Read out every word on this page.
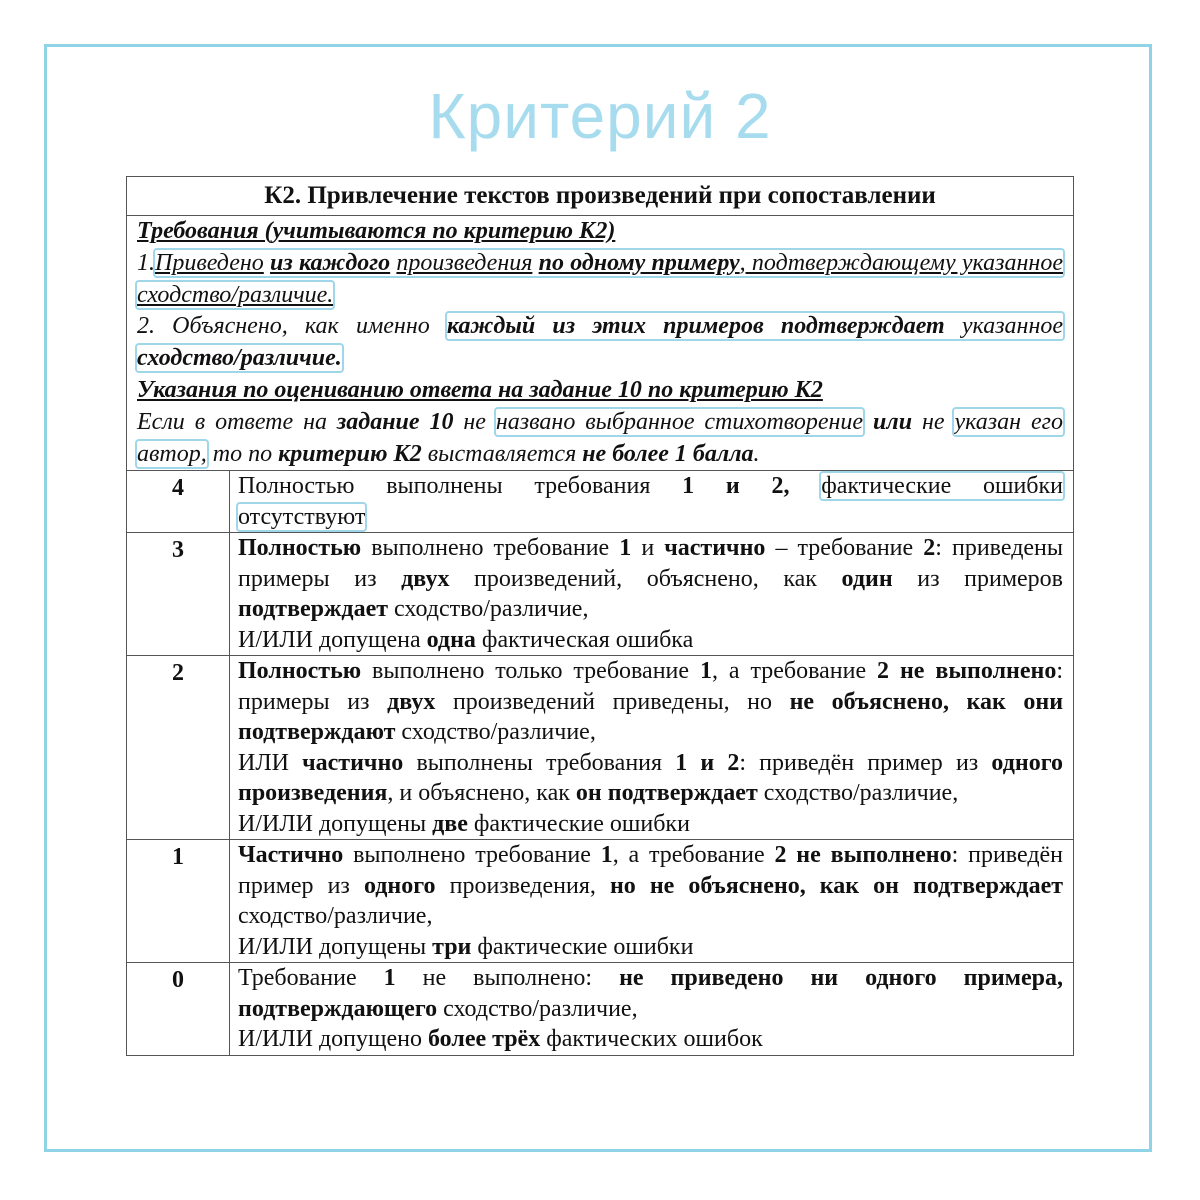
Критерий 2
К2. Привлечение текстов произведений при сопоставлении	

Требования (учитываются по критерию К2)

1.Приведено из каждого произведения по одному примеру, подтверждающему указанное сходство/различие.

2. Объяснено, как именно каждый из этих примеров подтверждает указанное сходство/различие.

Указания по оцениванию ответа на задание 10 по критерию К2

Если в ответе на задание 10 не названо выбранное стихотворение или не указан его автор, то по критерию К2 выставляется не более 1 балла.	

4	Полностью выполнены требования 1 и 2, фактические ошибки

отсутствуют

3	Полностью выполнено требование 1 и частично – требование 2: приведены примеры из двух произведений, объяснено, как один из примеров подтверждает сходство/различие,

И/ИЛИ допущена одна фактическая ошибка

2	Полностью выполнено только требование 1, а требование 2 не выполнено: примеры из двух произведений приведены, но не объяснено, как они подтверждают сходство/различие,

ИЛИ частично выполнены требования 1 и 2: приведён пример из одного произведения, и объяснено, как он подтверждает сходство/различие,

И/ИЛИ допущены две фактические ошибки

1	Частично выполнено требование 1, а требование 2 не выполнено: приведён пример из одного произведения, но не объяснено, как он подтверждает сходство/различие,

И/ИЛИ допущены три фактические ошибки

0	Требование 1 не выполнено: не приведено ни одного примера, подтверждающего сходство/различие,

И/ИЛИ допущено более трёх фактических ошибок
